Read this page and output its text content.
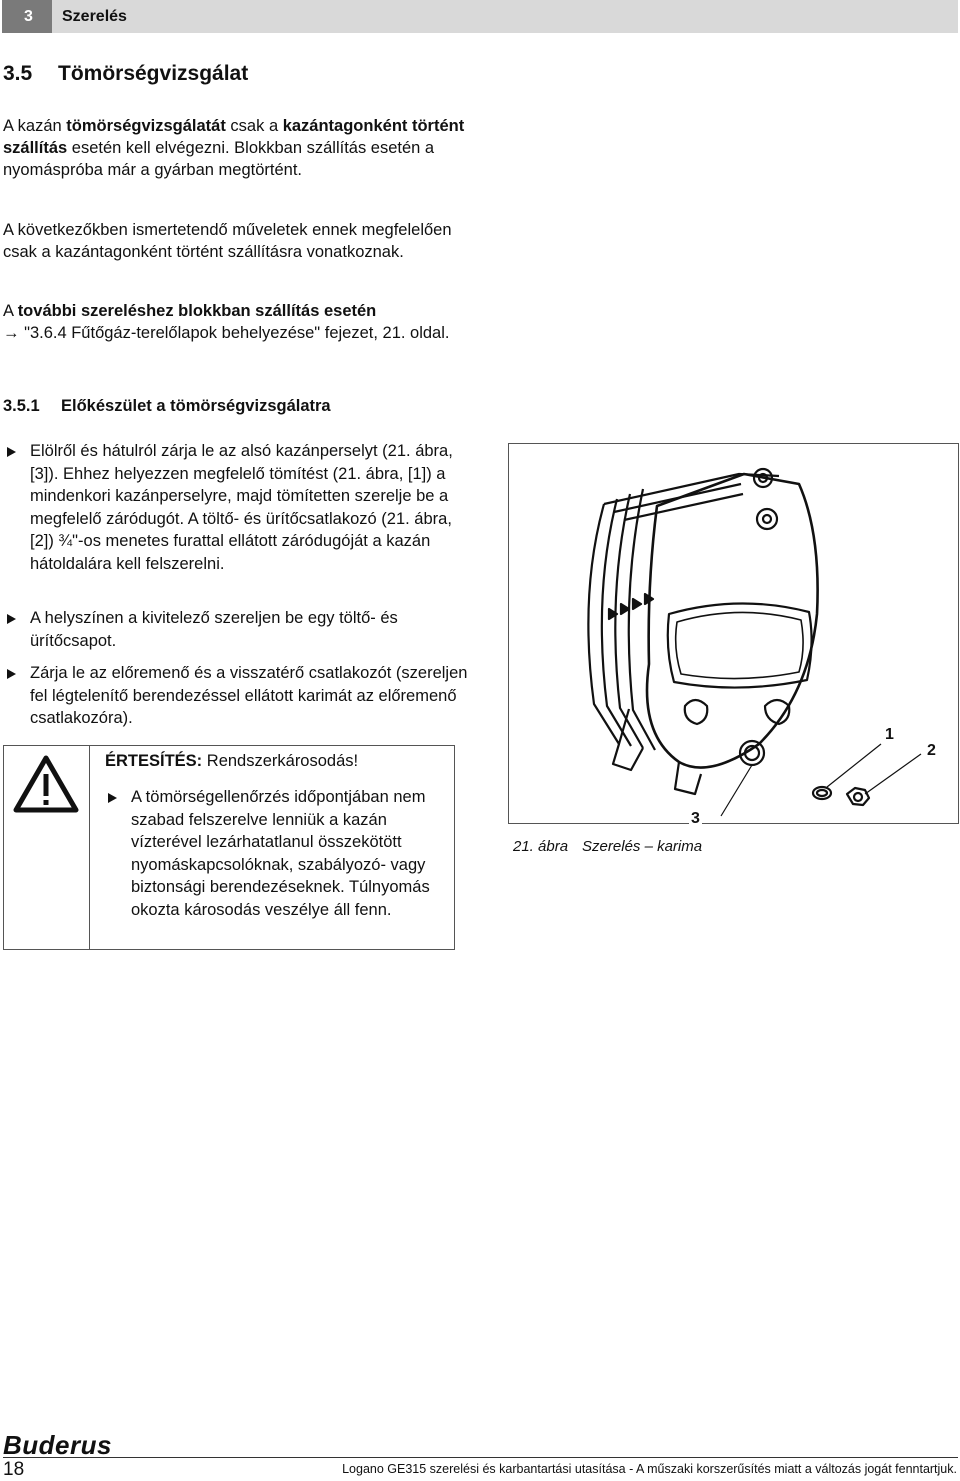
3	Szerelés
3.5 Tömörségvizsgálat
A kazán tömörségvizsgálatát csak a kazántagonként történt szállítás esetén kell elvégezni. Blokkban szállítás esetén a nyomáspróba már a gyárban megtörtént.
A következőkben ismertetendő műveletek ennek megfelelően csak a kazántagonként történt szállításra vonatkoznak.
A további szereléshez blokkban szállítás esetén
→ "3.6.4 Fűtőgáz-terelőlapok behelyezése" fejezet, 21. oldal.
3.5.1 Előkészület a tömörségvizsgálatra
Elölről és hátulról zárja le az alsó kazánperselyt (21. ábra, [3]). Ehhez helyezzen megfelelő tömítést (21. ábra, [1]) a mindenkori kazánperselyre, majd tömítetten szerelje be a megfelelő záródugót. A töltő- és ürítőcsatlakozó (21. ábra, [2]) ¾"-os menetes furattal ellátott záródugóját a kazán hátoldalára kell felszerelni.
A helyszínen a kivitelező szereljen be egy töltő- és ürítőcsapot.
Zárja le az előremenő és a visszatérő csatlakozót (szereljen fel légtelenítő berendezéssel ellátott karimát az előremenő csatlakozóra).
ÉRTESÍTÉS: Rendszerkárosodás!
A tömörségellenőrzés időpontjában nem szabad felszerelve lenniük a kazán vízterével lezárhatatlanul összekötött nyomáskapcsolóknak, szabályozó- vagy biztonsági berendezéseknek. Túlnyomás okozta károsodás veszélye áll fenn.
1
2
3
21. ábra Szerelés – karima
Buderus
18	Logano GE315 szerelési és karbantartási utasítása - A műszaki korszerűsítés miatt a változás jogát fenntartjuk.
